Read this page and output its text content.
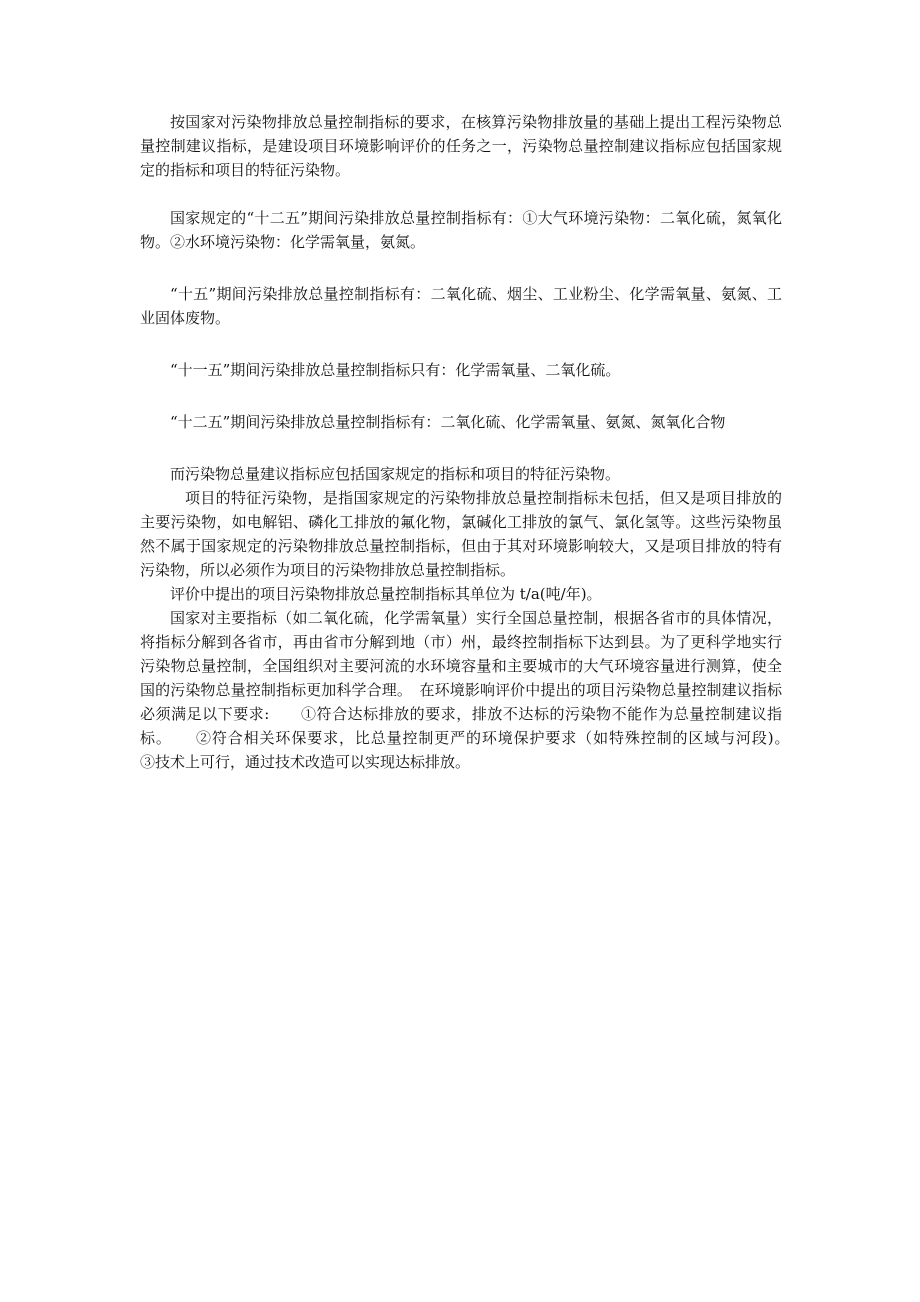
按国家对污染物排放总量控制指标的要求，在核算污染物排放量的基础上提出工程污染物总量控制建议指标，是建设项目环境影响评价的任务之一，污染物总量控制建议指标应包括国家规定的指标和项目的特征污染物。

国家规定的“十二五”期间污染排放总量控制指标有：①大气环境污染物：二氧化硫，氮氧化物。②水环境污染物：化学需氧量，氨氮。

“十五”期间污染排放总量控制指标有：二氧化硫、烟尘、工业粉尘、化学需氧量、氨氮、工业固体废物。

“十一五”期间污染排放总量控制指标只有：化学需氧量、二氧化硫。

“十二五”期间污染排放总量控制指标有：二氧化硫、化学需氧量、氨氮、氮氧化合物

而污染物总量建议指标应包括国家规定的指标和项目的特征污染物。

项目的特征污染物，是指国家规定的污染物排放总量控制指标未包括，但又是项目排放的主要污染物，如电解铝、磷化工排放的氟化物，氯碱化工排放的氯气、氯化氢等。这些污染物虽然不属于国家规定的污染物排放总量控制指标，但由于其对环境影响较大，又是项目排放的特有污染物，所以必须作为项目的污染物排放总量控制指标。

评价中提出的项目污染物排放总量控制指标其单位为 t/a(吨/年)。

国家对主要指标（如二氧化硫，化学需氧量）实行全国总量控制，根据各省市的具体情况，将指标分解到各省市，再由省市分解到地（市）州，最终控制指标下达到县。为了更科学地实行污染物总量控制，全国组织对主要河流的水环境容量和主要城市的大气环境容量进行测算，使全国的污染物总量控制指标更加科学合理。　在环境影响评价中提出的项目污染物总量控制建议指标必须满足以下要求:　　①符合达标排放的要求，排放不达标的污染物不能作为总量控制建议指标。　　②符合相关环保要求，比总量控制更严的环境保护要求（如特殊控制的区域与河段)。　　③技术上可行，通过技术改造可以实现达标排放。
